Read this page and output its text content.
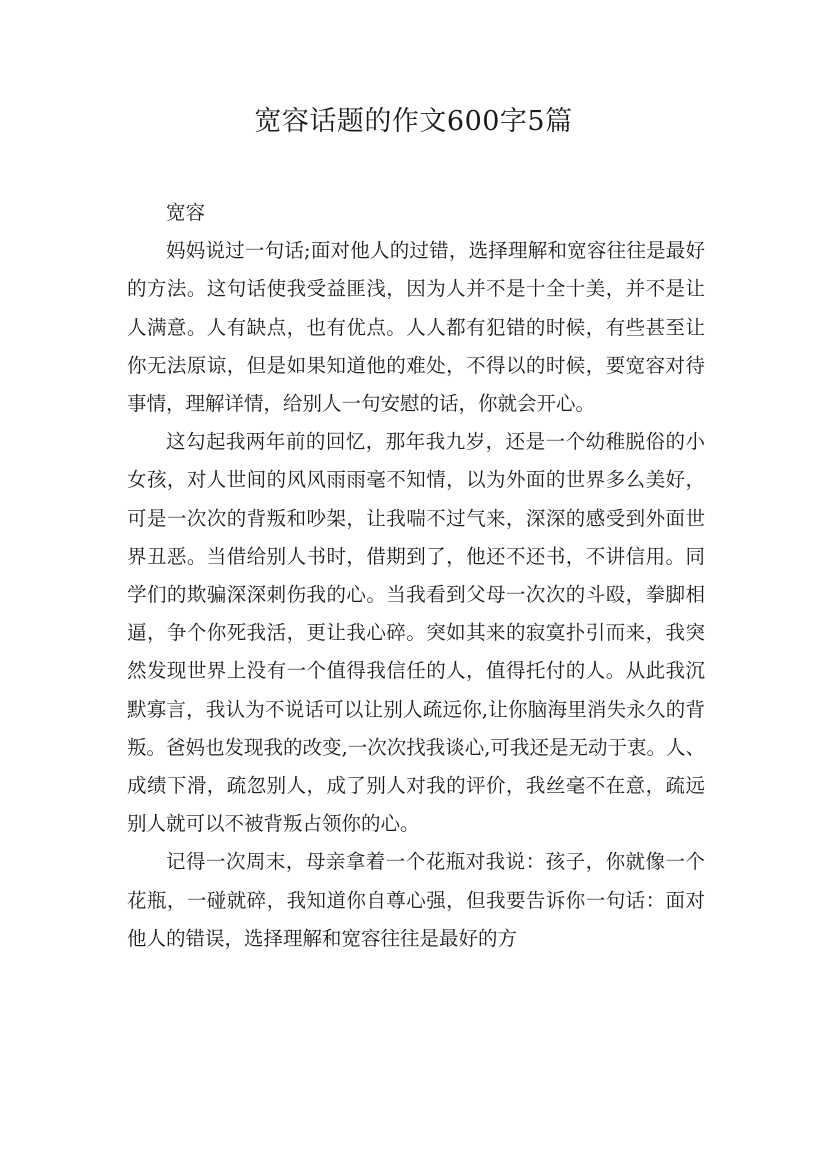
宽容话题的作文600字5篇

宽容

妈妈说过一句话;面对他人的过错，选择理解和宽容往往是最好的方法。这句话使我受益匪浅，因为人并不是十全十美，并不是让人满意。人有缺点，也有优点。人人都有犯错的时候，有些甚至让你无法原谅，但是如果知道他的难处，不得以的时候，要宽容对待事情，理解详情，给别人一句安慰的话，你就会开心。

这勾起我两年前的回忆，那年我九岁，还是一个幼稚脱俗的小女孩，对人世间的风风雨雨毫不知情，以为外面的世界多么美好，可是一次次的背叛和吵架，让我喘不过气来，深深的感受到外面世界丑恶。当借给别人书时，借期到了，他还不还书，不讲信用。同学们的欺骗深深刺伤我的心。当我看到父母一次次的斗殴，拳脚相逼，争个你死我活，更让我心碎。突如其来的寂寞扑引而来，我突然发现世界上没有一个值得我信任的人，值得托付的人。从此我沉默寡言，我认为不说话可以让别人疏远你,让你脑海里消失永久的背叛。爸妈也发现我的改变,一次次找我谈心,可我还是无动于衷。人、成绩下滑，疏忽别人，成了别人对我的评价，我丝毫不在意，疏远别人就可以不被背叛占领你的心。

记得一次周末，母亲拿着一个花瓶对我说：孩子，你就像一个花瓶，一碰就碎，我知道你自尊心强，但我要告诉你一句话：面对他人的错误，选择理解和宽容往往是最好的方
